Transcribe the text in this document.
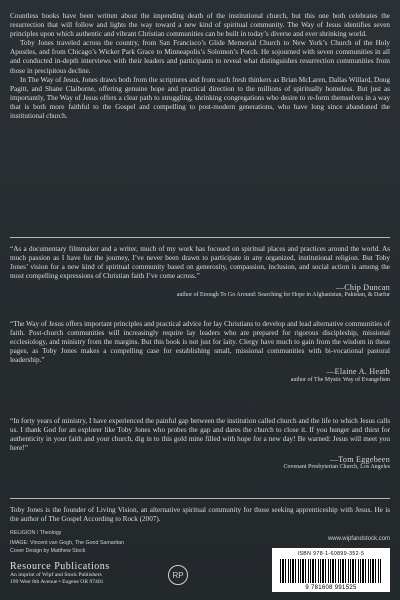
Countless books have been written about the impending death of the institutional church, but this one both celebrates the resurrection that will follow and lights the way toward a new kind of spiritual community. The Way of Jesus identifies seven principles upon which authentic and vibrant Christian communities can be built in today’s diverse and ever shrinking world.

Toby Jones traveled across the country, from San Francisco’s Glide Memorial Church to New York’s Church of the Holy Apostles, and from Chicago’s Wicker Park Grace to Minneapolis’s Solomon’s Porch. He sojourned with seven communities in all and conducted in-depth interviews with their leaders and participants to reveal what distinguishes resurrection communities from those in precipitous decline.

In The Way of Jesus, Jones draws both from the scriptures and from such fresh thinkers as Brian McLaren, Dallas Willard, Doug Pagitt, and Shane Claiborne, offering genuine hope and practical direction to the millions of spiritually homeless. But just as importantly, The Way of Jesus offers a clear path to struggling, shrinking congregations who desire to re-form themselves in a way that is both more faithful to the Gospel and compelling to post-modern generations, who have long since abandoned the institutional church.

“As a documentary filmmaker and a writer, much of my work has focused on spiritual places and practices around the world. As much passion as I have for the journey, I’ve never been drawn to participate in any organized, institutional religion. But Toby Jones’ vision for a new kind of spiritual community based on generosity, compassion, inclusion, and social action is among the most compelling expressions of Christian faith I’ve come across.”
—Chip Duncan
author of Enough To Go Around: Searching for Hope in Afghanistan, Pakistan, & Darfur
“The Way of Jesus offers important principles and practical advice for lay Christians to develop and lead alternative communities of faith. Post-church communities will increasingly require lay leaders who are prepared for rigorous discipleship, missional ecclesiology, and ministry from the margins. But this book is not just for laity. Clergy have much to gain from the wisdom in these pages, as Toby Jones makes a compelling case for establishing small, missional communities with bi-vocational pastoral leadership.”
—Elaine A. Heath
author of The Mystic Way of Evangelism
“In forty years of ministry, I have experienced the painful gap between the institution called church and the life to which Jesus calls us. I thank God for an explorer like Toby Jones who probes the gap and dares the church to close it. If you hunger and thirst for authenticity in your faith and your church, dig in to this gold mine filled with hope for a new day! Be warned: Jesus will meet you here!”
—Tom Eggebeen
Covenant Presbyterian Church, Los Angeles
Toby Jones is the founder of Living Vision, an alternative spiritual community for those seeking apprenticeship with Jesus. He is the author of The Gospel According to Rock (2007).
RELIGION / Theology
IMAGE: Vincent van Gogh, The Good Samaritan
Cover Design by Matthew Stock
www.wipfandstock.com
Resource Publications
An imprint of Wipf and Stock Publishers
199 West 8th Avenue • Eugene OR 97401
RP
ISBN 978-1-60899-352-5
9 781608 991525
